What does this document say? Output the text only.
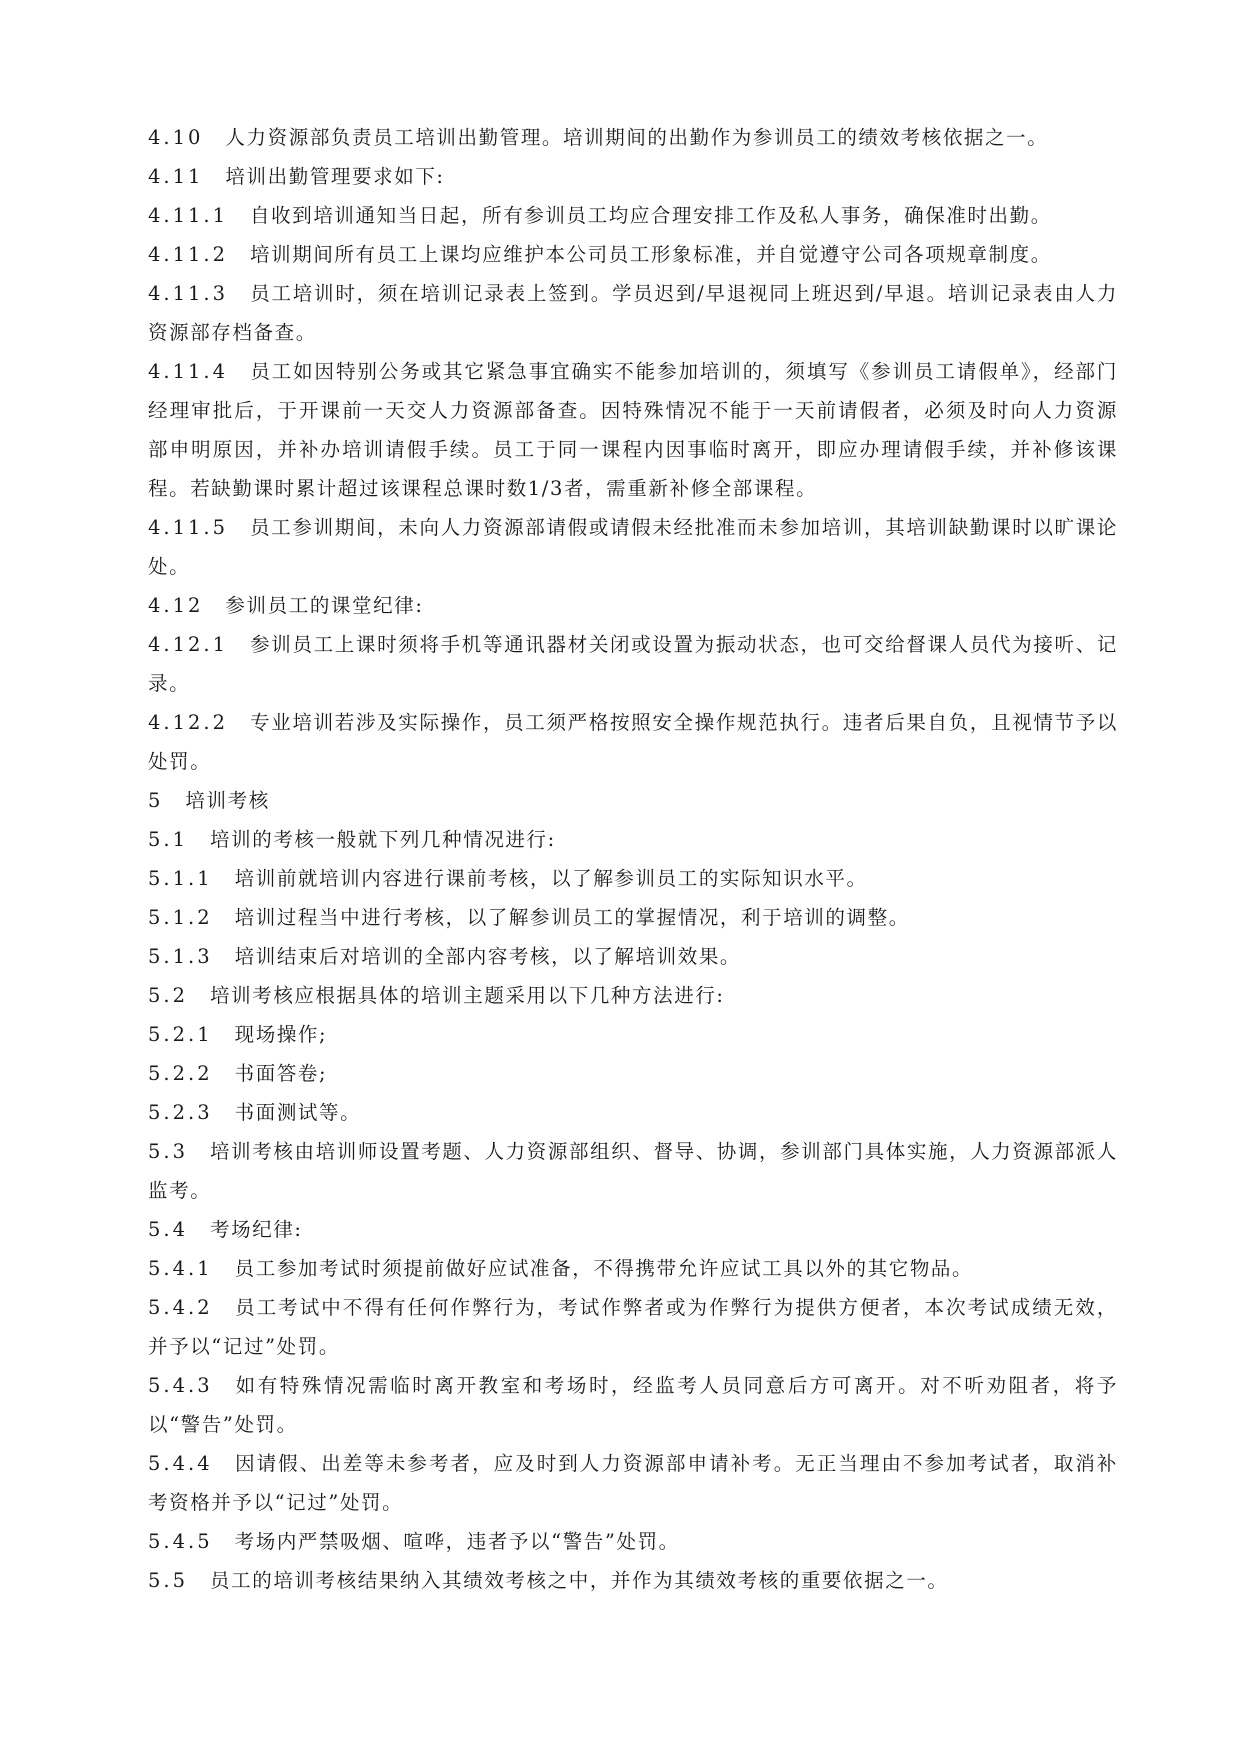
4.10 人力资源部负责员工培训出勤管理。培训期间的出勤作为参训员工的绩效考核依据之一。

4.11 培训出勤管理要求如下:

4.11.1 自收到培训通知当日起，所有参训员工均应合理安排工作及私人事务，确保准时出勤。

4.11.2 培训期间所有员工上课均应维护本公司员工形象标准，并自觉遵守公司各项规章制度。

4.11.3 员工培训时，须在培训记录表上签到。学员迟到/早退视同上班迟到/早退。培训记录表由人力资源部存档备查。

4.11.4 员工如因特别公务或其它紧急事宜确实不能参加培训的，须填写《参训员工请假单》，经部门经理审批后，于开课前一天交人力资源部备查。因特殊情况不能于一天前请假者，必须及时向人力资源部申明原因，并补办培训请假手续。员工于同一课程内因事临时离开，即应办理请假手续，并补修该课程。若缺勤课时累计超过该课程总课时数1/3者，需重新补修全部课程。

4.11.5 员工参训期间，未向人力资源部请假或请假未经批准而未参加培训，其培训缺勤课时以旷课论处。

4.12 参训员工的课堂纪律:

4.12.1 参训员工上课时须将手机等通讯器材关闭或设置为振动状态，也可交给督课人员代为接听、记录。

4.12.2 专业培训若涉及实际操作，员工须严格按照安全操作规范执行。违者后果自负，且视情节予以处罚。

5 培训考核

5.1 培训的考核一般就下列几种情况进行:

5.1.1 培训前就培训内容进行课前考核，以了解参训员工的实际知识水平。

5.1.2 培训过程当中进行考核，以了解参训员工的掌握情况，利于培训的调整。

5.1.3 培训结束后对培训的全部内容考核，以了解培训效果。

5.2 培训考核应根据具体的培训主题采用以下几种方法进行:

5.2.1 现场操作;

5.2.2 书面答卷;

5.2.3 书面测试等。

5.3 培训考核由培训师设置考题、人力资源部组织、督导、协调，参训部门具体实施，人力资源部派人监考。

5.4 考场纪律:

5.4.1 员工参加考试时须提前做好应试准备，不得携带允许应试工具以外的其它物品。

5.4.2 员工考试中不得有任何作弊行为，考试作弊者或为作弊行为提供方便者，本次考试成绩无效，并予以“记过”处罚。

5.4.3 如有特殊情况需临时离开教室和考场时，经监考人员同意后方可离开。对不听劝阻者，将予以“警告”处罚。

5.4.4 因请假、出差等未参考者，应及时到人力资源部申请补考。无正当理由不参加考试者，取消补考资格并予以“记过”处罚。

5.4.5 考场内严禁吸烟、喧哗，违者予以“警告”处罚。

5.5 员工的培训考核结果纳入其绩效考核之中，并作为其绩效考核的重要依据之一。
